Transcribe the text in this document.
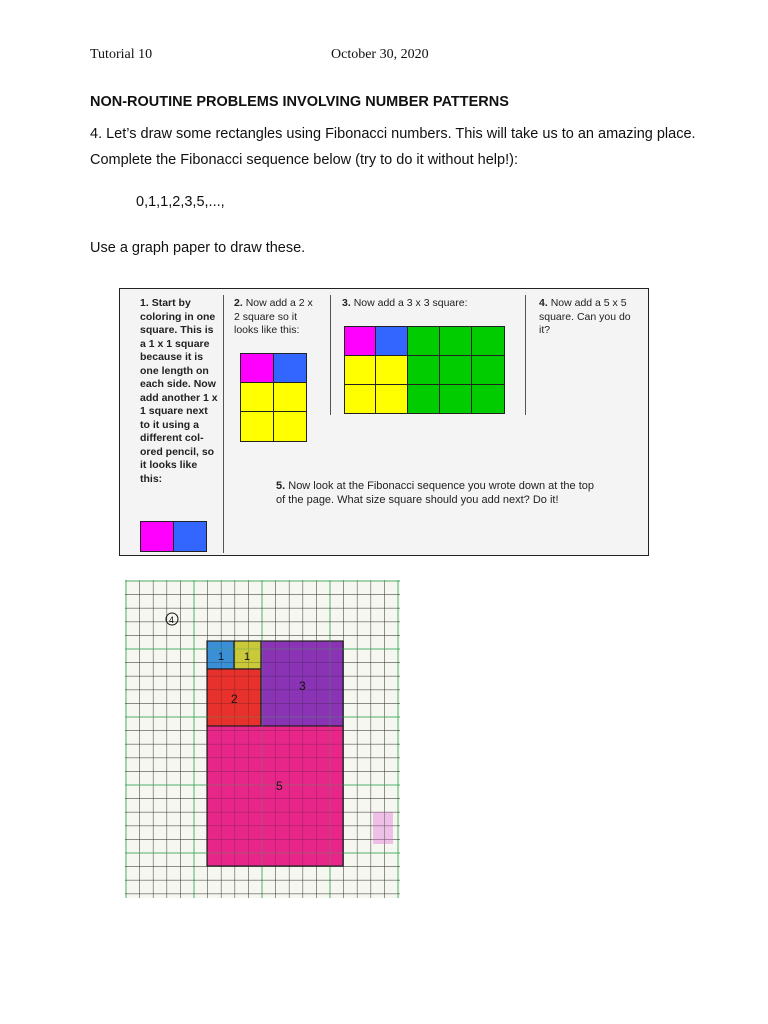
Tutorial 10	October 30, 2020
NON-ROUTINE PROBLEMS INVOLVING NUMBER PATTERNS
4. Let’s draw some rectangles using Fibonacci numbers. This will take us to an amazing place. Complete the Fibonacci sequence below (try to do it without help!):
0,1,1,2,3,5,...,
Use a graph paper to draw these.
1. Start by coloring in one square. This is a 1 x 1 square because it is one length on each side. Now add another 1 x 1 square next to it using a different col- ored pencil, so it looks like this:
2. Now add a 2 x 2 square so it looks like this:
3. Now add a 3 x 3 square:	4. Now add a 5 x 5 square. Can you do it?
5. Now look at the Fibonacci sequence you wrote down at the top of the page. What size square should you add next? Do it!
1 1
2
3
5
4
